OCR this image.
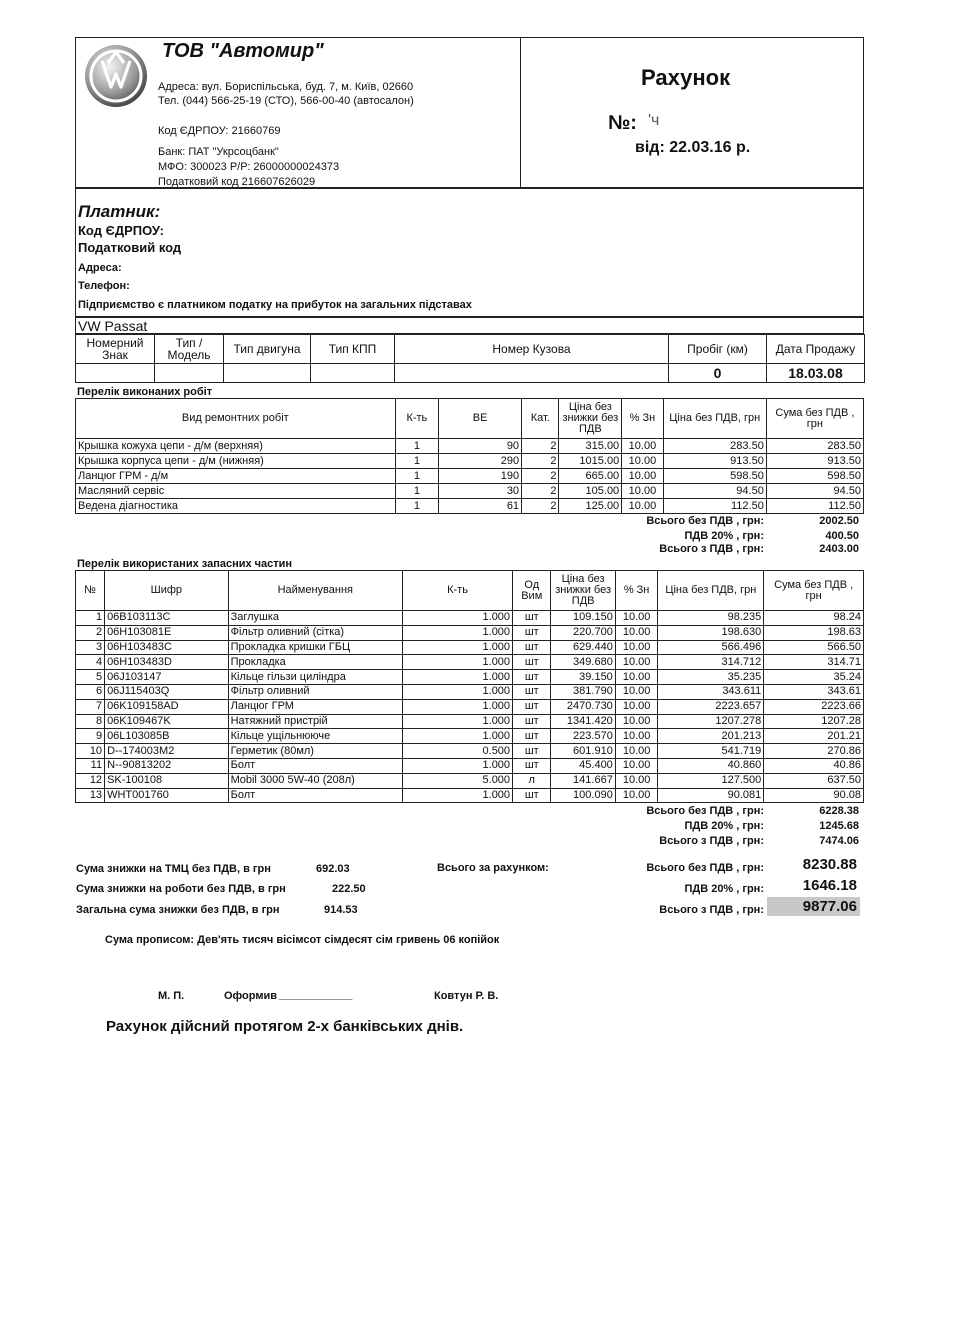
ТОВ "Автомир"
Адреса: вул. Бориспільська, буд. 7, м. Київ, 02660
Тел. (044) 566-25-19 (СТО), 566-00-40 (автосалон)
Код ЄДРПОУ: 21660769
Банк: ПАТ "Укрсоцбанк"
МФО: 300023 Р/Р: 26000000024373
Податковий код 216607626029
Рахунок
№: 'ч
від: 22.03.16 р.
Платник:
Код ЄДРПОУ:
Податковий код
Адреса:
Телефон:
Підприємство є платником податку на прибуток на загальних підставах
VW Passat
Номерний Знак	Тип / Модель	Тип двигуна	Тип КПП	Номер Кузова	Пробіг (км)	Дата Продажу
					0	18.03.08
Перелік виконаних робіт
Вид ремонтних робіт	К-ть	ВЕ	Кат.	Ціна без знижки без ПДВ	% Зн	Ціна без ПДВ, грн	Сума без ПДВ , грн
Крышка кожуха цепи - д/м (верхняя)	1	90	2	315.00	10.00	283.50	283.50
Крышка корпуса цепи - д/м (нижняя)	1	290	2	1015.00	10.00	913.50	913.50
Ланцюг ГРМ - д/м	1	190	2	665.00	10.00	598.50	598.50
Масляний сервіс	1	30	2	105.00	10.00	94.50	94.50
Ведена діагностика	1	61	2	125.00	10.00	112.50	112.50
Всього без ПДВ , грн:	2002.50
ПДВ 20% , грн:	400.50
Всього з ПДВ , грн:	2403.00
Перелік використаних запасних частин
№	Шифр	Найменування	К-ть	Од Вим	Ціна без знижки без ПДВ	% Зн	Ціна без ПДВ, грн	Сума без ПДВ , грн
1	06B103113C	Заглушка	1.000	шт	109.150	10.00	98.235	98.24
2	06H103081E	Фільтр оливний (сітка)	1.000	шт	220.700	10.00	198.630	198.63
3	06H103483C	Прокладка кришки ГБЦ	1.000	шт	629.440	10.00	566.496	566.50
4	06H103483D	Прокладка	1.000	шт	349.680	10.00	314.712	314.71
5	06J103147	Кільце гільзи циліндра	1.000	шт	39.150	10.00	35.235	35.24
6	06J115403Q	Фільтр оливний	1.000	шт	381.790	10.00	343.611	343.61
7	06K109158AD	Ланцюг ГРМ	1.000	шт	2470.730	10.00	2223.657	2223.66
8	06K109467K	Натяжний пристрій	1.000	шт	1341.420	10.00	1207.278	1207.28
9	06L103085B	Кільце ущільнююче	1.000	шт	223.570	10.00	201.213	201.21
10	D--174003M2	Герметик (80мл)	0.500	шт	601.910	10.00	541.719	270.86
11	N--90813202	Болт	1.000	шт	45.400	10.00	40.860	40.86
12	SK-100108	Mobil 3000 5W-40 (208л)	5.000	л	141.667	10.00	127.500	637.50
13	WHT001760	Болт	1.000	шт	100.090	10.00	90.081	90.08
Всього без ПДВ , грн:	6228.38
ПДВ 20% , грн:	1245.68
Всього з ПДВ , грн:	7474.06
Сума знижки на ТМЦ без ПДВ, в грн	692.03
Сума знижки на роботи без ПДВ, в грн	222.50
Загальна сума знижки без ПДВ, в грн	914.53
Всього за рахунком:	Всього без ПДВ , грн:	8230.88
ПДВ 20% , грн:	1646.18
Всього з ПДВ , грн:	9877.06
Сума прописом: Дев'ять тисяч вісімсот сімдесят сім гривень 06 копійок
М. П.	Оформив ____________	Ковтун Р. В.
Рахунок дійсний протягом 2-х банківських днів.
